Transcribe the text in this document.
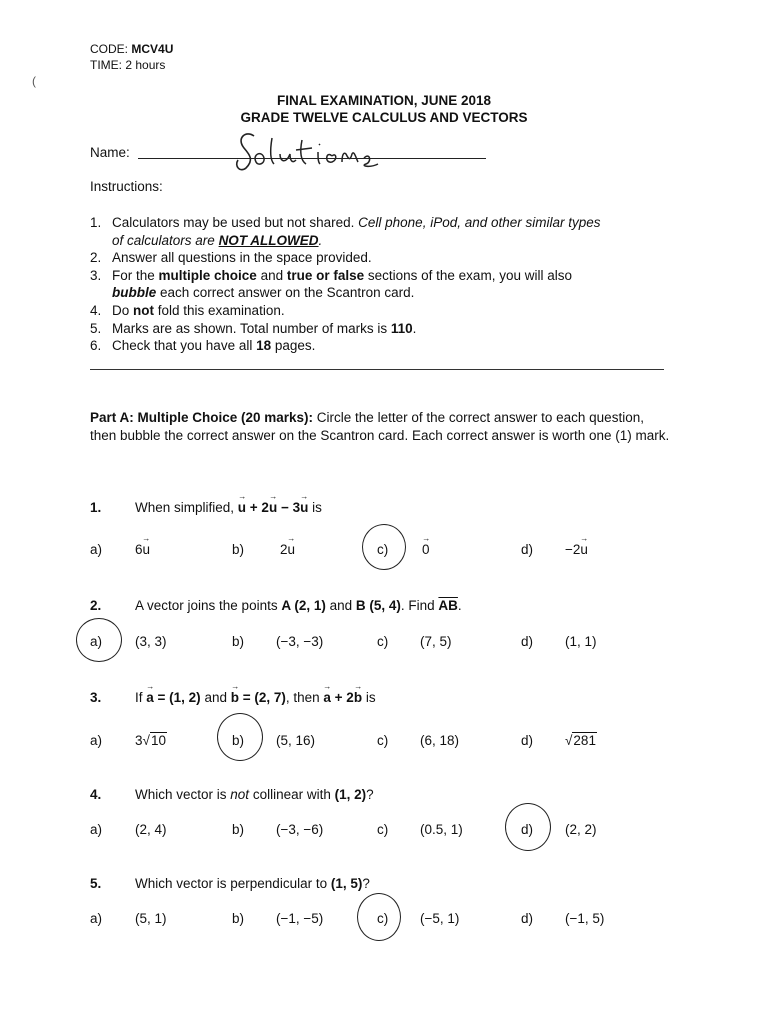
(
CODE: MCV4U
TIME: 2 hours
FINAL EXAMINATION, JUNE 2018
GRADE TWELVE CALCULUS AND VECTORS
Name:
Instructions:
1. Calculators may be used but not shared. Cell phone, iPod, and other similar types
of calculators are NOT ALLOWED.
2. Answer all questions in the space provided.
3. For the multiple choice and true or false sections of the exam, you will also
bubble each correct answer on the Scantron card.
4. Do not fold this examination.
5. Marks are as shown. Total number of marks is 110.
6. Check that you have all 18 pages.
Part A: Multiple Choice (20 marks): Circle the letter of the correct answer to each question, then bubble the correct answer on the Scantron card. Each correct answer is worth one (1) mark.
1. When simplified, → u + 2→ u − 3→ u is
a) 6→ u	b)	2→ u	c)	→ 0	d) −2→ u
2. A vector joins the points A (2, 1) and B (5, 4). Find $\overline{AB}$.
a) (3, 3)	b) (−3, −3)	c) (7, 5)	d) (1, 1)
3. If → a = (1, 2) and → b = (2, 7), then → a + 2→ b is
a) 3√10	b) (5, 16)	c) (6, 18)	d) √281
4. Which vector is not collinear with (1, 2)?
a) (2, 4)	b) (−3, −6)	c) (0.5, 1)	d) (2, 2)
5. Which vector is perpendicular to (1, 5)?
a) (5, 1)	b) (−1, −5)	c) (−5, 1)	d) (−1, 5)
